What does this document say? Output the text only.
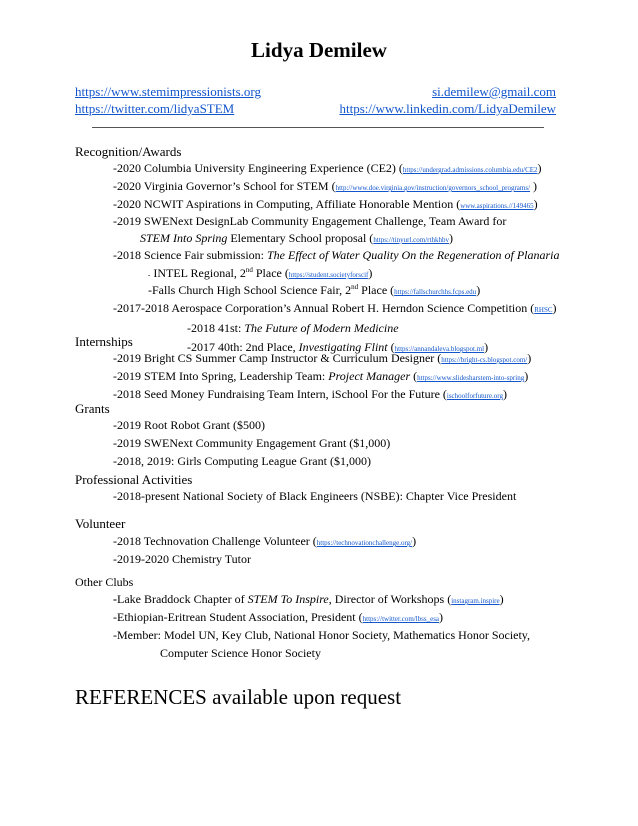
Lidya Demilew
https://www.stemimpressionists.org	si.demilew@gmail.com
https://twitter.com/lidyaSTEM	https://www.linkedin.com/LidyaDemilew
Recognition/Awards
-2020 Columbia University Engineering Experience (CE2) (https://undergrad.admissions.columbia.edu/CE2)
-2020 Virginia Governor’s School for STEM (http://www.doe.virginia.gov/instruction/governors_school_programs/ )
-2020 NCWIT Aspirations in Computing, Affiliate Honorable Mention (www.aspirations.//149465)
-2019 SWENext DesignLab Community Engagement Challenge, Team Award for
STEM Into Spring Elementary School proposal (https://tinyurl.com/rthkhbv)
-2018 Science Fair submission: The Effect of Water Quality On the Regeneration of Planaria
- INTEL Regional, 2nd Place (https://student.societyforscif)
-Falls Church High School Science Fair, 2nd Place (https://fallschurchhs.fcps.edu)
-2017-2018 Aerospace Corporation’s Annual Robert H. Herndon Science Competition (RHSC)
-2018 41st: The Future of Modern Medicine
-2017 40th: 2nd Place, Investigating Flint (https://annandaleva.blogspot.ml)
Internships
-2019 Bright CS Summer Camp Instructor & Curriculum Designer (https://bright-cs.blogspot.com/)
-2019 STEM Into Spring, Leadership Team: Project Manager (https://www.slidesharstem-into-spring)
-2018 Seed Money Fundraising Team Intern, iSchool For the Future (ischoolforfuture.org)
Grants
-2019 Root Robot Grant ($500)
-2019 SWENext Community Engagement Grant ($1,000)
-2018, 2019: Girls Computing League Grant ($1,000)
Professional Activities
-2018-present National Society of Black Engineers (NSBE): Chapter Vice President
Volunteer
-2018 Technovation Challenge Volunteer (https://technovationchallenge.org/)
-2019-2020 Chemistry Tutor
Other Clubs
-Lake Braddock Chapter of STEM To Inspire, Director of Workshops (instagram.inspire)
-Ethiopian-Eritrean Student Association, President (https://twitter.com/lbss_esa)
-Member: Model UN, Key Club, National Honor Society, Mathematics Honor Society,
Computer Science Honor Society
REFERENCES available upon request
